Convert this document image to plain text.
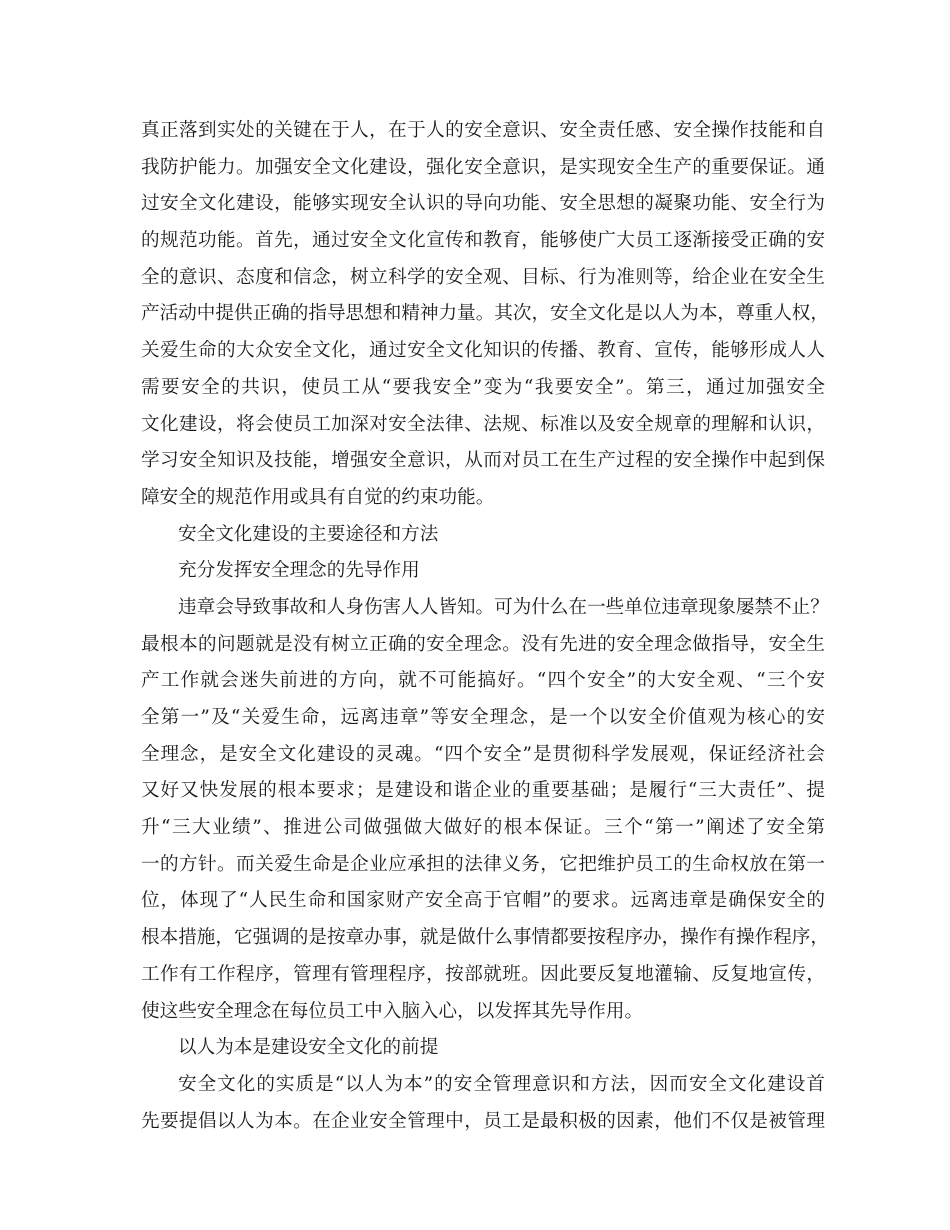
真正落到实处的关键在于人，在于人的安全意识、安全责任感、安全操作技能和自
我防护能力。加强安全文化建设，强化安全意识，是实现安全生产的重要保证。通
过安全文化建设，能够实现安全认识的导向功能、安全思想的凝聚功能、安全行为
的规范功能。首先，通过安全文化宣传和教育，能够使广大员工逐渐接受正确的安
全的意识、态度和信念，树立科学的安全观、目标、行为准则等，给企业在安全生
产活动中提供正确的指导思想和精神力量。其次，安全文化是以人为本，尊重人权，
关爱生命的大众安全文化，通过安全文化知识的传播、教育、宣传，能够形成人人
需要安全的共识，使员工从“要我安全”变为“我要安全”。第三，通过加强安全
文化建设，将会使员工加深对安全法律、法规、标准以及安全规章的理解和认识，
学习安全知识及技能，增强安全意识，从而对员工在生产过程的安全操作中起到保
障安全的规范作用或具有自觉的约束功能。
安全文化建设的主要途径和方法
充分发挥安全理念的先导作用
违章会导致事故和人身伤害人人皆知。可为什么在一些单位违章现象屡禁不止？
最根本的问题就是没有树立正确的安全理念。没有先进的安全理念做指导，安全生
产工作就会迷失前进的方向，就不可能搞好。“四个安全”的大安全观、“三个安
全第一”及“关爱生命，远离违章”等安全理念，是一个以安全价值观为核心的安
全理念，是安全文化建设的灵魂。“四个安全”是贯彻科学发展观，保证经济社会
又好又快发展的根本要求；是建设和谐企业的重要基础；是履行“三大责任”、提
升“三大业绩”、推进公司做强做大做好的根本保证。三个“第一”阐述了安全第
一的方针。而关爱生命是企业应承担的法律义务，它把维护员工的生命权放在第一
位，体现了“人民生命和国家财产安全高于官帽”的要求。远离违章是确保安全的
根本措施，它强调的是按章办事，就是做什么事情都要按程序办，操作有操作程序，
工作有工作程序，管理有管理程序，按部就班。因此要反复地灌输、反复地宣传，
使这些安全理念在每位员工中入脑入心，以发挥其先导作用。
以人为本是建设安全文化的前提
安全文化的实质是“以人为本”的安全管理意识和方法，因而安全文化建设首
先要提倡以人为本。在企业安全管理中，员工是最积极的因素，他们不仅是被管理
